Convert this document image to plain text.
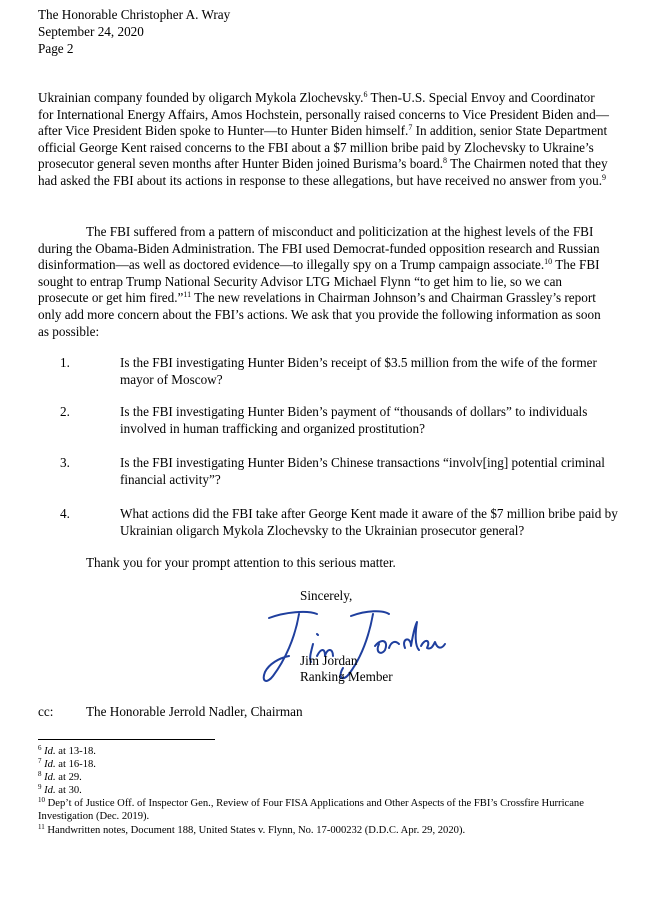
The Honorable Christopher A. Wray
September 24, 2020
Page 2
Ukrainian company founded by oligarch Mykola Zlochevsky.$^6$ Then-U.S. Special Envoy and Coordinator for International Energy Affairs, Amos Hochstein, personally raised concerns to Vice President Biden and—after Vice President Biden spoke to Hunter—to Hunter Biden himself.$^7$ In addition, senior State Department official George Kent raised concerns to the FBI about a $7 million bribe paid by Zlochevsky to Ukraine’s prosecutor general seven months after Hunter Biden joined Burisma’s board.$^8$ The Chairmen noted that they had asked the FBI about its actions in response to these allegations, but have received no answer from you.$^9$
The FBI suffered from a pattern of misconduct and politicization at the highest levels of the FBI during the Obama-Biden Administration. The FBI used Democrat-funded opposition research and Russian disinformation—as well as doctored evidence—to illegally spy on a Trump campaign associate.$^{10}$ The FBI sought to entrap Trump National Security Advisor LTG Michael Flynn “to get him to lie, so we can prosecute or get him fired.”$^{11}$ The new revelations in Chairman Johnson’s and Chairman Grassley’s report only add more concern about the FBI’s actions. We ask that you provide the following information as soon as possible:
1.	Is the FBI investigating Hunter Biden’s receipt of $3.5 million from the wife of the former mayor of Moscow?
2.	Is the FBI investigating Hunter Biden’s payment of “thousands of dollars” to individuals involved in human trafficking and organized prostitution?
3.	Is the FBI investigating Hunter Biden’s Chinese transactions “involv[ing] potential criminal financial activity”?
4.	What actions did the FBI take after George Kent made it aware of the $7 million bribe paid by Ukrainian oligarch Mykola Zlochevsky to the Ukrainian prosecutor general?
Thank you for your prompt attention to this serious matter.
Sincerely,
Jim Jordan
Ranking Member
cc: The Honorable Jerrold Nadler, Chairman
$^6$ Id. at 13-18.
$^7$ Id. at 16-18.
$^8$ Id. at 29.
$^9$ Id. at 30.
$^{10}$ Dep’t of Justice Off. of Inspector Gen., Review of Four FISA Applications and Other Aspects of the FBI’s Crossfire Hurricane Investigation (Dec. 2019).
$^{11}$ Handwritten notes, Document 188, United States v. Flynn, No. 17-000232 (D.D.C. Apr. 29, 2020).
